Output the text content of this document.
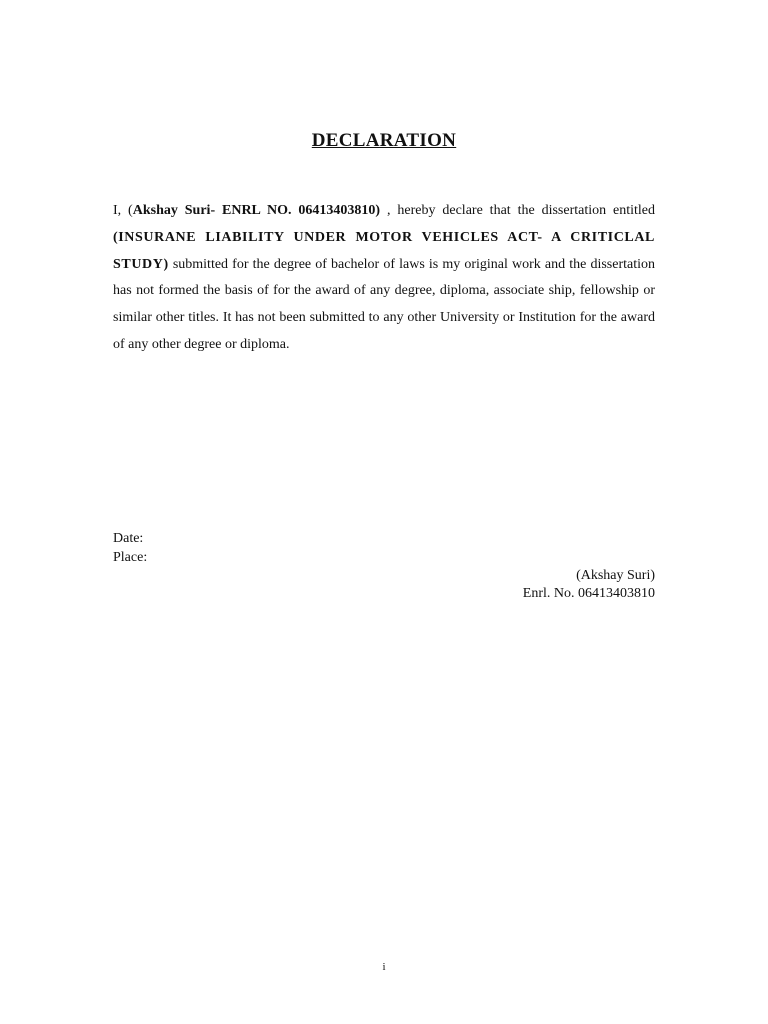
DECLARATION
I, (Akshay Suri- ENRL NO. 06413403810) , hereby declare that the dissertation entitled (INSURANE LIABILITY UNDER MOTOR VEHICLES ACT- A CRITICLAL STUDY) submitted for the degree of bachelor of laws is my original work and the dissertation has not formed the basis of for the award of any degree, diploma, associate ship, fellowship or similar other titles. It has not been submitted to any other University or Institution for the award of any other degree or diploma.
Date:
Place:
(Akshay Suri)
Enrl. No. 06413403810
i
